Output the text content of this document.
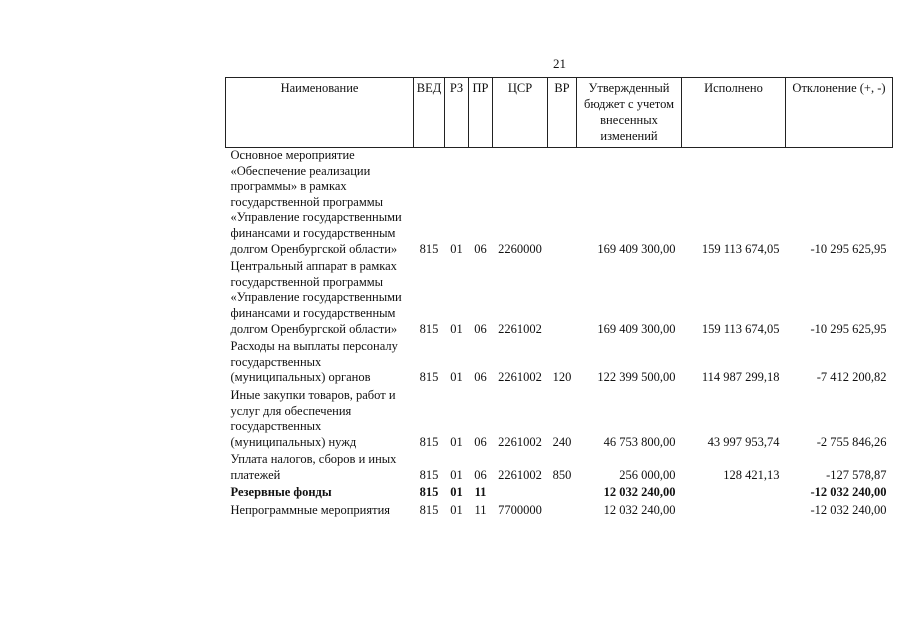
21
Наименование	ВЕД	РЗ	ПР	ЦСР	ВР	Утвержденный бюджет с учетом внесенных изменений	Исполнено	Отклонение (+, -)
Основное мероприятие «Обеспечение реализации программы» в рамках государственной программы «Управление государственными финансами и государственным долгом Оренбургской области»	815	01	06	2260000		169 409 300,00	159 113 674,05	-10 295 625,95
Центральный аппарат в рамках государственной программы «Управление государственными финансами и государственным долгом Оренбургской области»	815	01	06	2261002		169 409 300,00	159 113 674,05	-10 295 625,95
Расходы на выплаты персоналу государственных (муниципальных) органов	815	01	06	2261002	120	122 399 500,00	114 987 299,18	-7 412 200,82
Иные закупки товаров, работ и услуг для обеспечения государственных (муниципальных) нужд	815	01	06	2261002	240	46 753 800,00	43 997 953,74	-2 755 846,26
Уплата налогов, сборов и иных платежей	815	01	06	2261002	850	256 000,00	128 421,13	-127 578,87
Резервные фонды	815	01	11			12 032 240,00		-12 032 240,00
Непрограммные мероприятия	815	01	11	7700000		12 032 240,00		-12 032 240,00
